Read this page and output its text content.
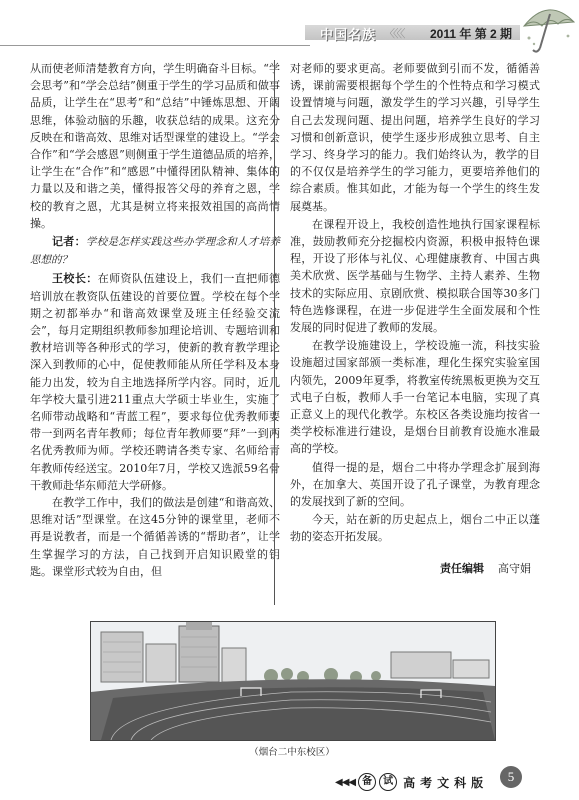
中国名族 〈〈〈〈 2011 年 第 2 期

从而使老师清楚教育方向，学生明确奋斗目标。“学会思考”和“学会总结”侧重于学生的学习品质和做事品质，让学生在“思考”和“总结”中锤炼思想、开阔思维，体验动脑的乐趣，收获总结的成果。这充分反映在和谐高效、思维对话型课堂的建设上。“学会合作”和“学会感恩”则侧重于学生道德品质的培养，让学生在“合作”和“感恩”中懂得团队精神、集体的力量以及和谐之美，懂得报答父母的养育之恩，学校的教育之恩，尤其是树立将来报效祖国的高尚情操。

记者：学校是怎样实践这些办学理念和人才培养思想的？

王校长：在师资队伍建设上，我们一直把师德培训放在教资队伍建设的首要位置。学校在每个学期之初都举办“和谐高效课堂及班主任经验交流会”，每月定期组织教师参加理论培训、专题培训和教材培训等各种形式的学习，使新的教育教学理论深入到教师的心中，促使教师能从所任学科及本身能力出发，较为自主地选择所学内容。同时，近几年学校大量引进211重点大学硕士毕业生，实施了名师带动战略和“青蓝工程”，要求每位优秀教师要带一到两名青年教师；每位青年教师要“拜”一到两名优秀教师为师。学校还聘请各类专家、名师给青年教师传经送宝。2010年7月，学校又选派59名骨干教师赴华东师范大学研修。

在教学工作中，我们的做法是创建“和谐高效、思维对话”型课堂。在这45分钟的课堂里，老师不再是说教者，而是一个循循善诱的“帮助者”，让学生掌握学习的方法，自己找到开启知识殿堂的钥匙。课堂形式较为自由，但

对老师的要求更高。老师要做到引而不发，循循善诱，课前需要根据每个学生的个性特点和学习模式设置情境与问题，激发学生的学习兴趣，引导学生自己去发现问题、提出问题，培养学生良好的学习习惯和创新意识，使学生逐步形成独立思考、自主学习、终身学习的能力。我们始终认为，教学的目的不仅仅是培养学生的学习能力，更要培养他们的综合素质。惟其如此，才能为每一个学生的终生发展奠基。

在课程开设上，我校创造性地执行国家课程标准，鼓励教师充分挖掘校内资源，积极申报特色课程，开设了形体与礼仪、心理健康教育、中国古典美术欣赏、医学基础与生物学、主持人素养、生物技术的实际应用、京剧欣赏、模拟联合国等30多门特色选修课程，在进一步促进学生全面发展和个性发展的同时促进了教师的发展。

在教学设施建设上，学校设施一流，科技实验设施超过国家部颁一类标准，理化生探究实验室国内领先，2009年夏季，将教室传统黑板更换为交互式电子白板，教师人手一台笔记本电脑，实现了真正意义上的现代化教学。东校区各类设施均按省一类学校标准进行建设，是烟台目前教育设施水准最高的学校。

值得一提的是，烟台二中将办学理念扩展到海外，在加拿大、英国开设了孔子课堂，为教育理念的发展找到了新的空间。

今天，站在新的历史起点上，烟台二中正以蓬勃的姿态开拓发展。

责任编辑 高守娟
（烟台二中东校区）
◀◀◀ 备	试 高考文科版	5
